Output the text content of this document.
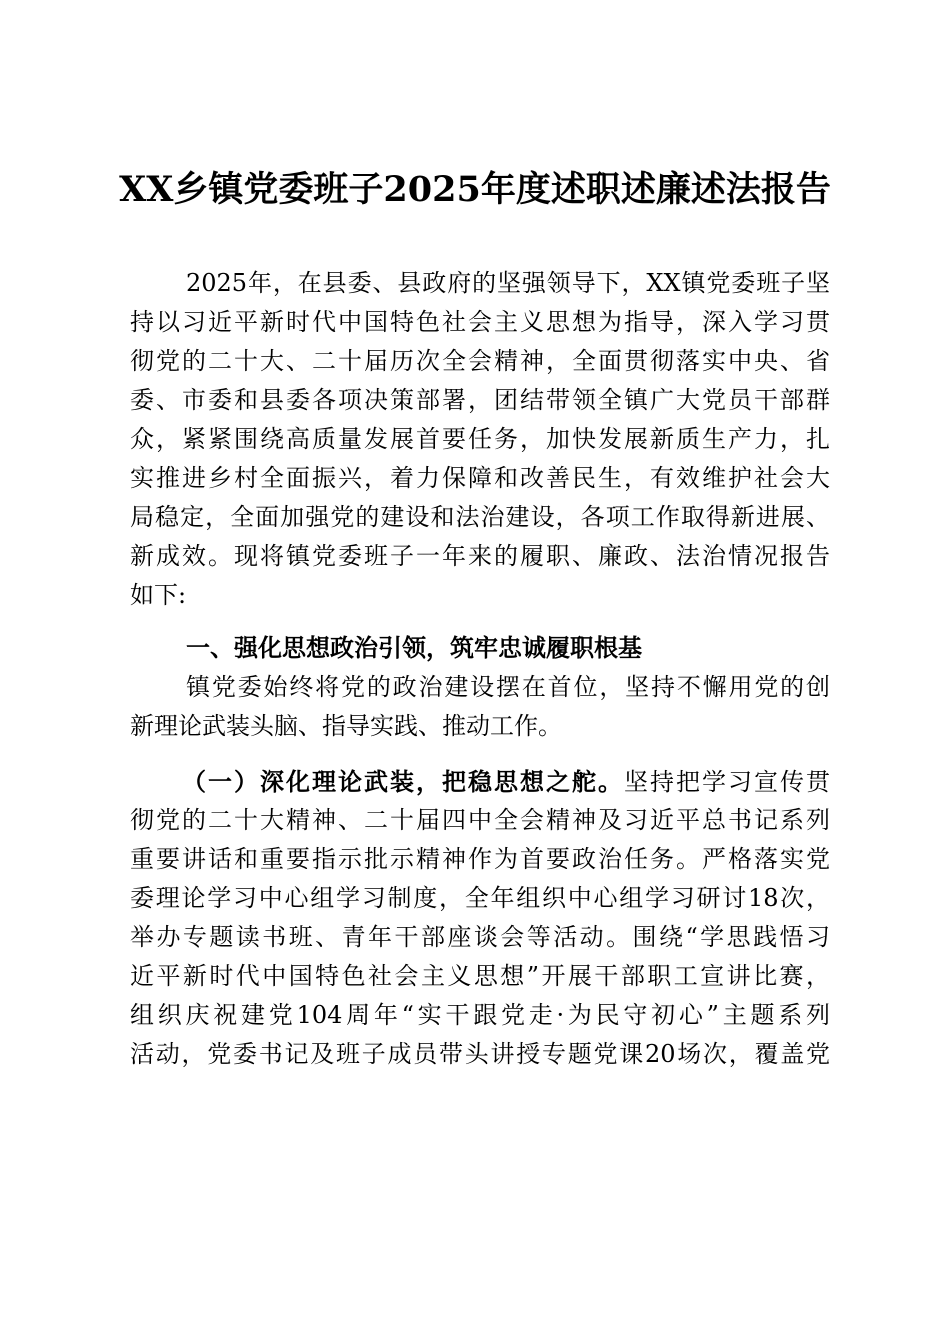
XX乡镇党委班子2025年度述职述廉述法报告
2025年，在县委、县政府的坚强领导下，XX镇党委班子坚
持以习近平新时代中国特色社会主义思想为指导，深入学习贯
彻党的二十大、二十届历次全会精神，全面贯彻落实中央、省
委、市委和县委各项决策部署，团结带领全镇广大党员干部群
众，紧紧围绕高质量发展首要任务，加快发展新质生产力，扎
实推进乡村全面振兴，着力保障和改善民生，有效维护社会大
局稳定，全面加强党的建设和法治建设，各项工作取得新进展、
新成效。现将镇党委班子一年来的履职、廉政、法治情况报告
如下:
一、强化思想政治引领，筑牢忠诚履职根基
镇党委始终将党的政治建设摆在首位，坚持不懈用党的创
新理论武装头脑、指导实践、推动工作。
（一）深化理论武装，把稳思想之舵。坚持把学习宣传贯
彻党的二十大精神、二十届四中全会精神及习近平总书记系列
重要讲话和重要指示批示精神作为首要政治任务。严格落实党
委理论学习中心组学习制度，全年组织中心组学习研讨18次，
举办专题读书班、青年干部座谈会等活动。围绕“学思践悟习
近平新时代中国特色社会主义思想”开展干部职工宣讲比赛，
组织庆祝建党104周年“实干跟党走·为民守初心”主题系列
活动，党委书记及班子成员带头讲授专题党课20场次，覆盖党
